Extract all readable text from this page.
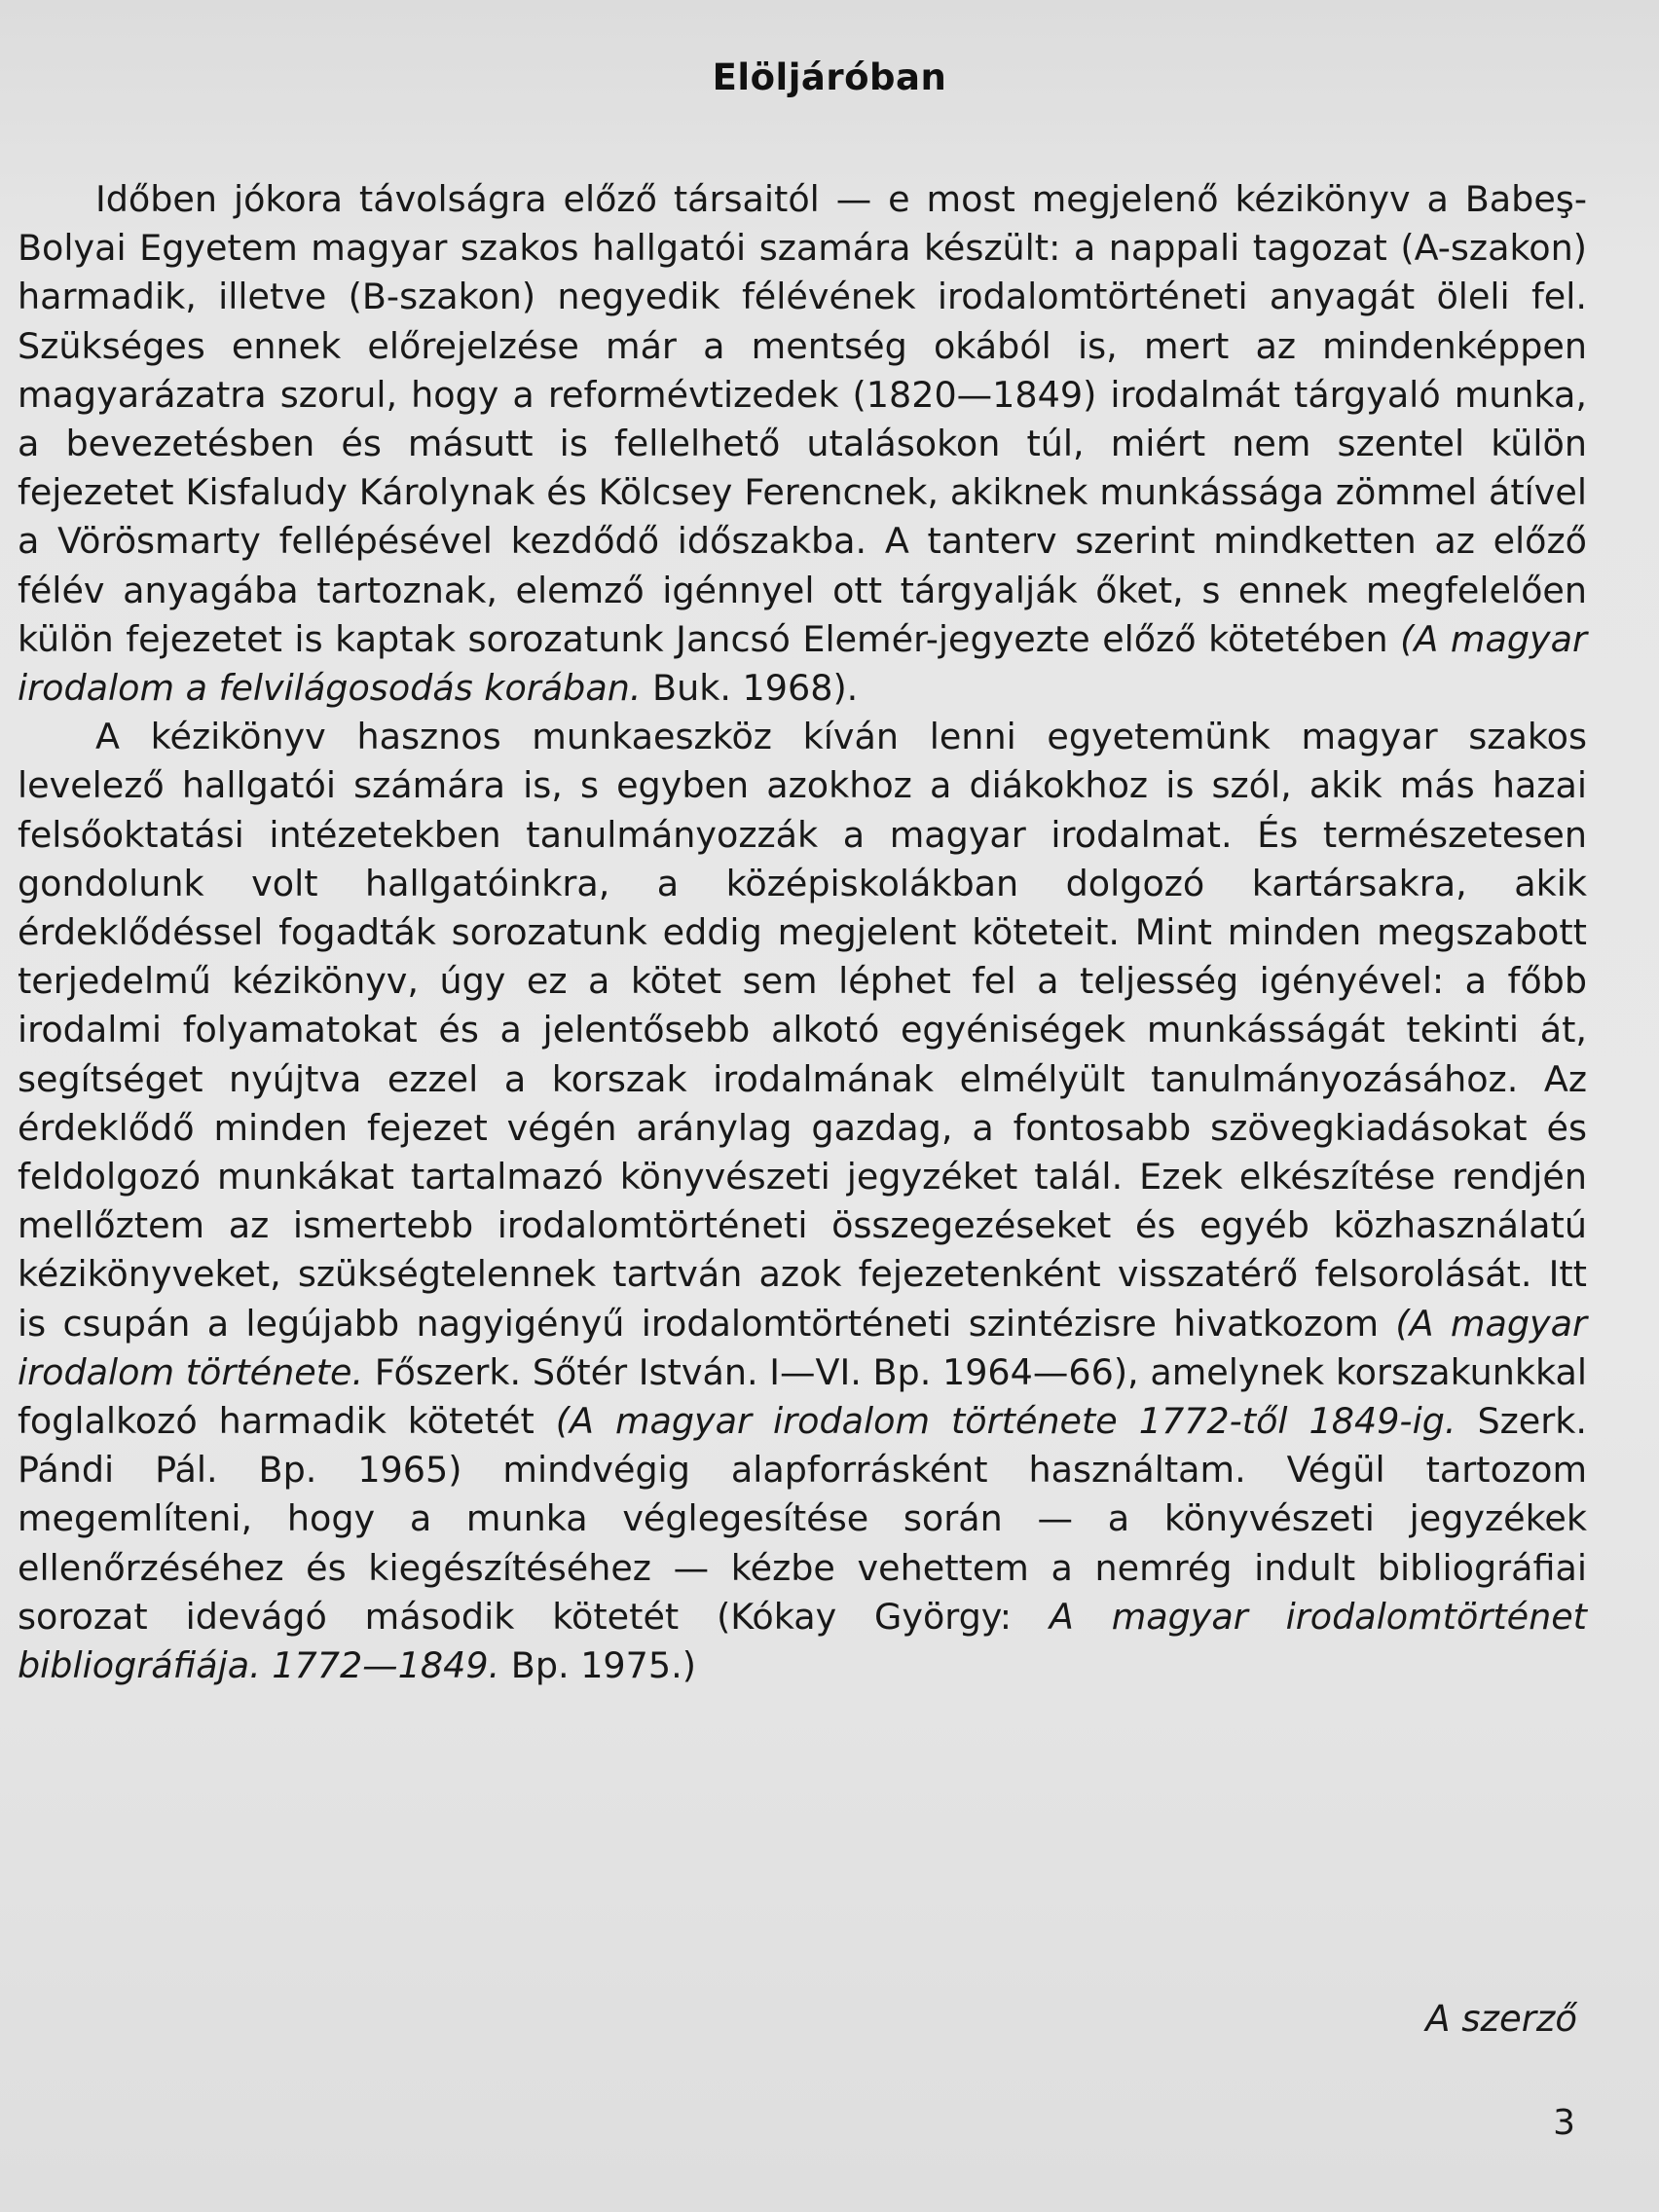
Elöljáróban

Időben jókora távolságra előző társaitól — e most megjelenő kézikönyv a Babeş-Bolyai Egyetem magyar szakos hallgatói szamára készült: a nappali tagozat (A-szakon) harmadik, illetve (B-szakon) negyedik félévének irodalomtörténeti anyagát öleli fel. Szükséges ennek előrejelzése már a mentség okából is, mert az mindenképpen magyarázatra szorul, hogy a reformévtizedek (1820—1849) irodalmát tárgyaló munka, a bevezetésben és másutt is fellelhető utalásokon túl, miért nem szentel külön fejezetet Kisfaludy Károlynak és Kölcsey Ferencnek, akiknek munkássága zömmel átível a Vörösmarty fellépésével kezdődő időszakba. A tanterv szerint mindketten az előző félév anyagába tartoznak, elemző igénnyel ott tárgyalják őket, s ennek megfelelően külön fejezetet is kaptak sorozatunk Jancsó Elemér-jegyezte előző kötetében (A magyar irodalom a felvilágosodás korában. Buk. 1968).

A kézikönyv hasznos munkaeszköz kíván lenni egyetemünk magyar szakos levelező hallgatói számára is, s egyben azokhoz a diákokhoz is szól, akik más hazai felsőoktatási intézetekben tanulmányozzák a magyar irodalmat. És természetesen gondolunk volt hallgatóinkra, a középiskolákban dolgozó kartársakra, akik érdeklődéssel fogadták sorozatunk eddig megjelent köteteit. Mint minden megszabott terjedelmű kézikönyv, úgy ez a kötet sem léphet fel a teljesség igényével: a főbb irodalmi folyamatokat és a jelentősebb alkotó egyéniségek munkásságát tekinti át, segítséget nyújtva ezzel a korszak irodalmának elmélyült tanulmányozásához. Az érdeklődő minden fejezet végén aránylag gazdag, a fontosabb szövegkiadásokat és feldolgozó munkákat tartalmazó könyvészeti jegyzéket talál. Ezek elkészítése rendjén mellőztem az ismertebb irodalomtörténeti összegezéseket és egyéb közhasználatú kézikönyveket, szükségtelennek tartván azok fejezetenként visszatérő felsorolását. Itt is csupán a legújabb nagyigényű irodalomtörténeti szintézisre hivatkozom (A magyar irodalom története. Főszerk. Sőtér István. I—VI. Bp. 1964—66), amelynek korszakunkkal foglalkozó harmadik kötetét (A magyar irodalom története 1772-től 1849-ig. Szerk. Pándi Pál. Bp. 1965) mindvégig alapforrásként használtam. Végül tartozom megemlíteni, hogy a munka véglegesítése során — a könyvészeti jegyzékek ellenőrzéséhez és kiegészítéséhez — kézbe vehettem a nemrég indult bibliográfiai sorozat idevágó második kötetét (Kókay György: A magyar irodalomtörténet bibliográfiája. 1772—1849. Bp. 1975.)

A szerző
3
